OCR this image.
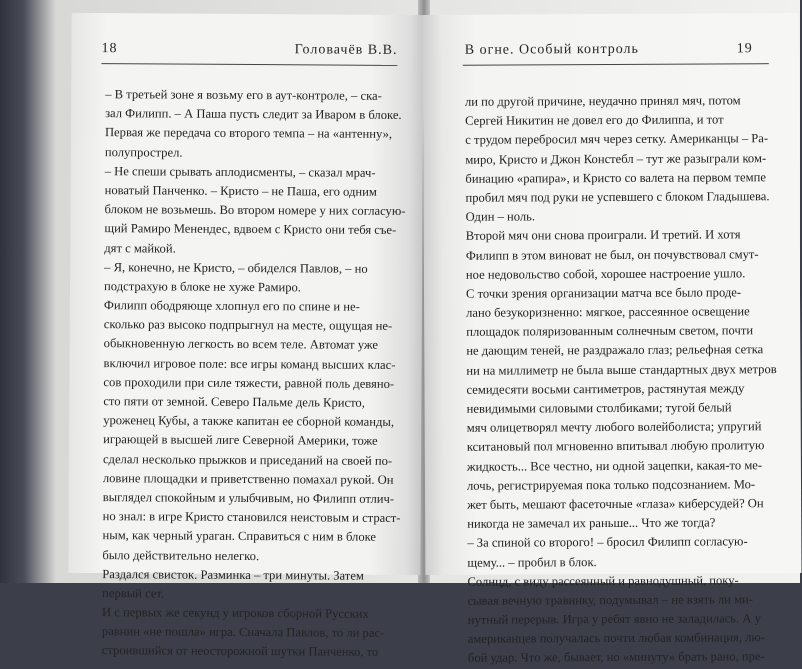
18	Головачёв В.В.
– В третьей зоне я возьму его в аут-контроле, – ска-
зал Филипп. – А Паша пусть следит за Иваром в блоке.
Первая же передача со второго темпа – на «антенну»,
полупрострел.
– Не спеши срывать аплодисменты, – сказал мрач-
новатый Панченко. – Кристо – не Паша, его одним
блоком не возьмешь. Во втором номере у них согласую-
щий Рамиро Менендес, вдвоем с Кристо они тебя съе-
дят с майкой.
– Я, конечно, не Кристо, – обиделся Павлов, – но
подстрахую в блоке не хуже Рамиро.
Филипп ободряюще хлопнул его по спине и не-
сколько раз высоко подпрыгнул на месте, ощущая не-
обыкновенную легкость во всем теле. Автомат уже
включил игровое поле: все игры команд высших клас-
сов проходили при силе тяжести, равной поль девяно-
сто пяти от земной. Северо Пальме дель Кристо,
уроженец Кубы, а также капитан ее сборной команды,
играющей в высшей лиге Северной Америки, тоже
сделал несколько прыжков и приседаний на своей по-
ловине площадки и приветственно помахал рукой. Он
выглядел спокойным и улыбчивым, но Филипп отлич-
но знал: в игре Кристо становился неистовым и страст-
ным, как черный ураган. Справиться с ним в блоке
было действительно нелегко.
Раздался свисток. Разминка – три минуты. Затем
первый сет.
И с первых же секунд у игроков сборной Русских
равнин «не пошла» игра. Сначала Павлов, то ли рас-
строившийся от неосторожной шутки Панченко, то
В огне. Особый контроль	19
ли по другой причине, неудачно принял мяч, потом
Сергей Никитин не довел его до Филиппа, и тот
с трудом перебросил мяч через сетку. Американцы – Ра-
миро, Кристо и Джон Констебл – тут же разыграли ком-
бинацию «рапира», и Кристо со валета на первом темпе
пробил мяч под руки не успевшего с блоком Гладышева.
Один – ноль.
Второй мяч они снова проиграли. И третий. И хотя
Филипп в этом виноват не был, он почувствовал смут-
ное недовольство собой, хорошее настроение ушло.
С точки зрения организации матча все было проде-
лано безукоризненно: мягкое, рассеянное освещение
площадок поляризованным солнечным светом, почти
не дающим теней, не раздражало глаз; рельефная сетка
ни на миллиметр не была выше стандартных двух метров
семидесяти восьми сантиметров, растянутая между
невидимыми силовыми столбиками; тугой белый
мяч олицетворял мечту любого волейболиста; упругий
кситановый пол мгновенно впитывал любую пролитую
жидкость... Все честно, ни одной зацепки, какая-то ме-
лочь, регистрируемая пока только подсознанием. Мо-
жет быть, мешают фасеточные «глаза» киберсудей? Он
никогда не замечал их раньше... Что же тогда?
– За спиной со второго! – бросил Филипп согласую-
щему... – пробил в блок.
Солнцд, с виду рассеянный и равнодушный, поку-
сывая вечную травинку, подумывал – не взять ли ми-
нутный перерыв. Игра у ребят явно не заладилась. А у
американцев получалась почти любая комбинация, лю-
бой удар. Что же, бывает, но «минуту» брать рано, пре-
